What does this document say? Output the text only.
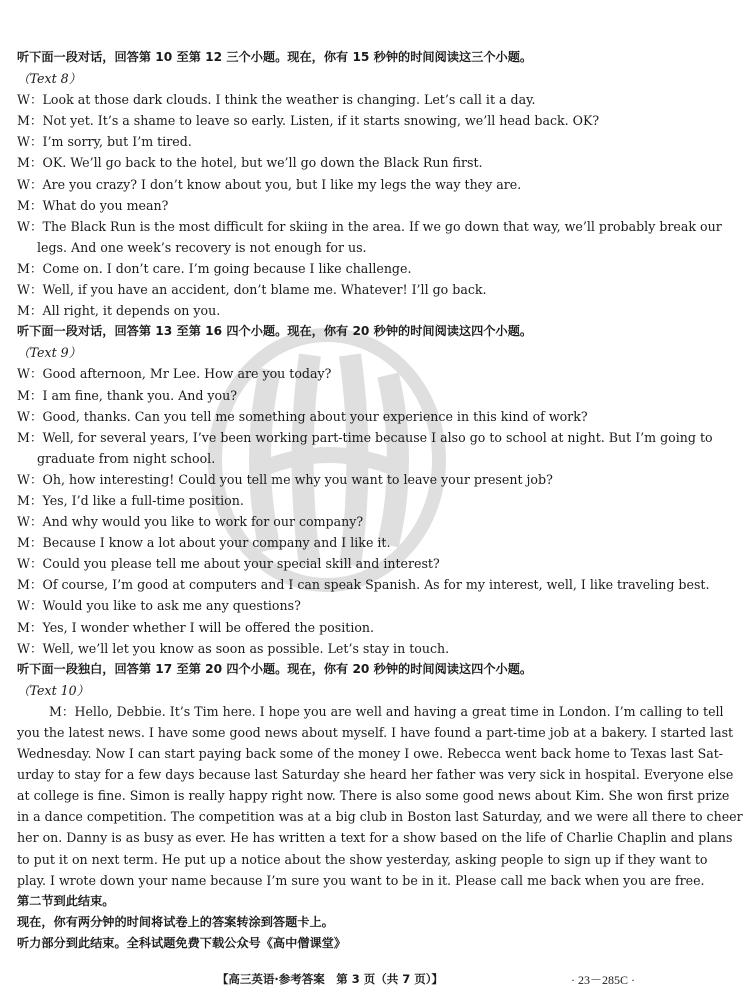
听下面一段对话，回答第 10 至第 12 三个小题。现在，你有 15 秒钟的时间阅读这三个小题。
（Text 8）
W：Look at those dark clouds. I think the weather is changing. Let’s call it a day.
M：Not yet. It’s a shame to leave so early. Listen, if it starts snowing, we’ll head back. OK?
W：I’m sorry, but I’m tired.
M：OK. We’ll go back to the hotel, but we’ll go down the Black Run first.
W：Are you crazy? I don’t know about you, but I like my legs the way they are.
M：What do you mean?
W：The Black Run is the most difficult for skiing in the area. If we go down that way, we’ll probably break our
legs. And one week’s recovery is not enough for us.
M：Come on. I don’t care. I’m going because I like challenge.
W：Well, if you have an accident, don’t blame me. Whatever! I’ll go back.
M：All right, it depends on you.
听下面一段对话，回答第 13 至第 16 四个小题。现在，你有 20 秒钟的时间阅读这四个小题。
（Text 9）
W：Good afternoon, Mr Lee. How are you today?
M：I am fine, thank you. And you?
W：Good, thanks. Can you tell me something about your experience in this kind of work?
M：Well, for several years, I’ve been working part-time because I also go to school at night. But I’m going to
graduate from night school.
W：Oh, how interesting! Could you tell me why you want to leave your present job?
M：Yes, I’d like a full-time position.
W：And why would you like to work for our company?
M：Because I know a lot about your company and I like it.
W：Could you please tell me about your special skill and interest?
M：Of course, I’m good at computers and I can speak Spanish. As for my interest, well, I like traveling best.
W：Would you like to ask me any questions?
M：Yes, I wonder whether I will be offered the position.
W：Well, we’ll let you know as soon as possible. Let’s stay in touch.
听下面一段独白，回答第 17 至第 20 四个小题。现在，你有 20 秒钟的时间阅读这四个小题。
（Text 10）
M：Hello, Debbie. It’s Tim here. I hope you are well and having a great time in London. I’m calling to tell
you the latest news. I have some good news about myself. I have found a part-time job at a bakery. I started last
Wednesday. Now I can start paying back some of the money I owe. Rebecca went back home to Texas last Sat-
urday to stay for a few days because last Saturday she heard her father was very sick in hospital. Everyone else
at college is fine. Simon is really happy right now. There is also some good news about Kim. She won first prize
in a dance competition. The competition was at a big club in Boston last Saturday, and we were all there to cheer
her on. Danny is as busy as ever. He has written a text for a show based on the life of Charlie Chaplin and plans
to put it on next term. He put up a notice about the show yesterday, asking people to sign up if they want to
play. I wrote down your name because I’m sure you want to be in it. Please call me back when you are free.
第二节到此结束。
现在，你有两分钟的时间将试卷上的答案转涂到答题卡上。
听力部分到此结束。全科试题免费下载公众号《高中僧课堂》
【高三英语·参考答案　第 3 页（共 7 页）】	· 23－285C ·
